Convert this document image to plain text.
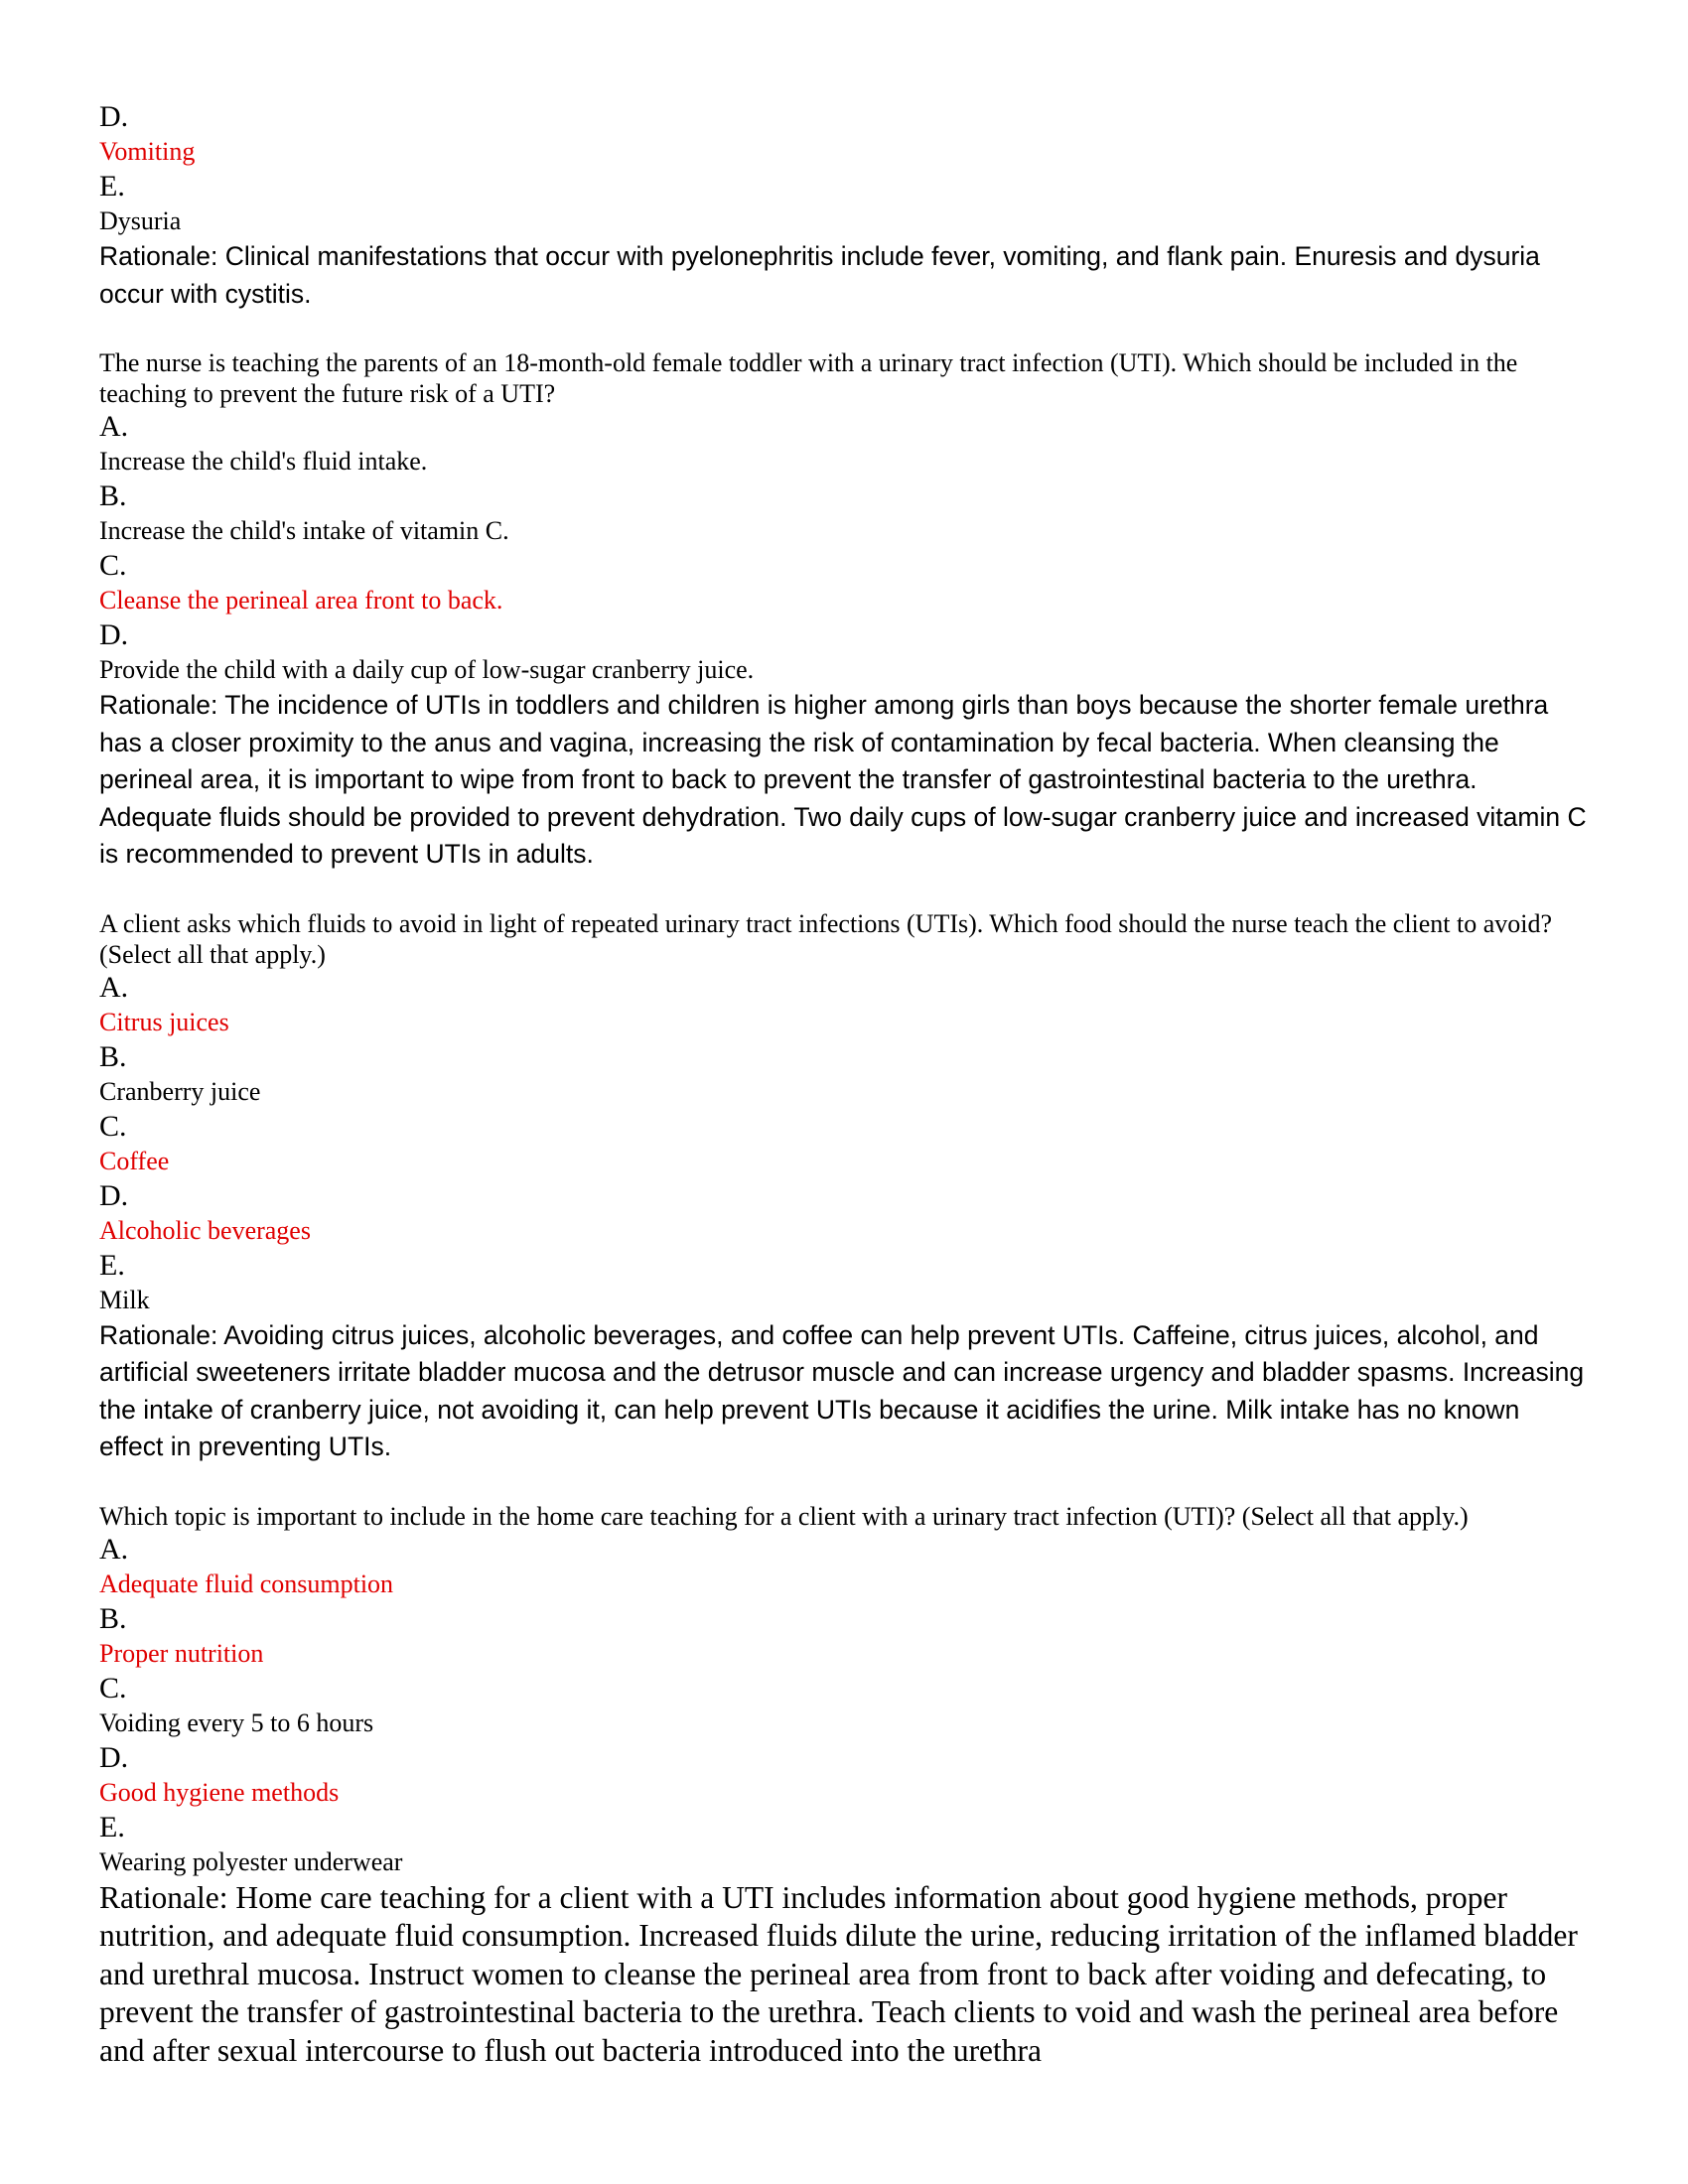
D.

Vomiting

E.

Dysuria

Rationale: Clinical manifestations that occur with pyelonephritis include fever, vomiting, and flank pain. Enuresis and dysuria occur with cystitis.

The nurse is teaching the parents of an 18-month-old female toddler with a urinary tract infection (UTI). Which should be included in the teaching to prevent the future risk of a UTI?

A.

Increase the child's fluid intake.

B.

Increase the child's intake of vitamin C.

C.

Cleanse the perineal area front to back.

D.

Provide the child with a daily cup of low-sugar cranberry juice.

Rationale: The incidence of UTIs in toddlers and children is higher among girls than boys because the shorter female urethra has a closer proximity to the anus and vagina, increasing the risk of contamination by fecal bacteria. When cleansing the perineal area, it is important to wipe from front to back to prevent the transfer of gastrointestinal bacteria to the urethra. Adequate fluids should be provided to prevent dehydration. Two daily cups of low-sugar cranberry juice and increased vitamin C is recommended to prevent UTIs in adults.

A client asks which fluids to avoid in light of repeated urinary tract infections (UTIs). Which food should the nurse teach the client to avoid? (Select all that apply.)

A.

Citrus juices

B.

Cranberry juice

C.

Coffee

D.

Alcoholic beverages

E.

Milk

Rationale: Avoiding citrus juices, alcoholic beverages, and coffee can help prevent UTIs. Caffeine, citrus juices, alcohol, and artificial sweeteners irritate bladder mucosa and the detrusor muscle and can increase urgency and bladder spasms. Increasing the intake of cranberry juice, not avoiding it, can help prevent UTIs because it acidifies the urine. Milk intake has no known effect in preventing UTIs.

Which topic is important to include in the home care teaching for a client with a urinary tract infection (UTI)? (Select all that apply.)

A.

Adequate fluid consumption

B.

Proper nutrition

C.

Voiding every 5 to 6 hours

D.

Good hygiene methods

E.

Wearing polyester underwear

Rationale: Home care teaching for a client with a UTI includes information about good hygiene methods, proper nutrition, and adequate fluid consumption. Increased fluids dilute the urine, reducing irritation of the inflamed bladder and urethral mucosa. Instruct women to cleanse the perineal area from front to back after voiding and defecating, to prevent the transfer of gastrointestinal bacteria to the urethra. Teach clients to void and wash the perineal area before and after sexual intercourse to flush out bacteria introduced into the urethra
